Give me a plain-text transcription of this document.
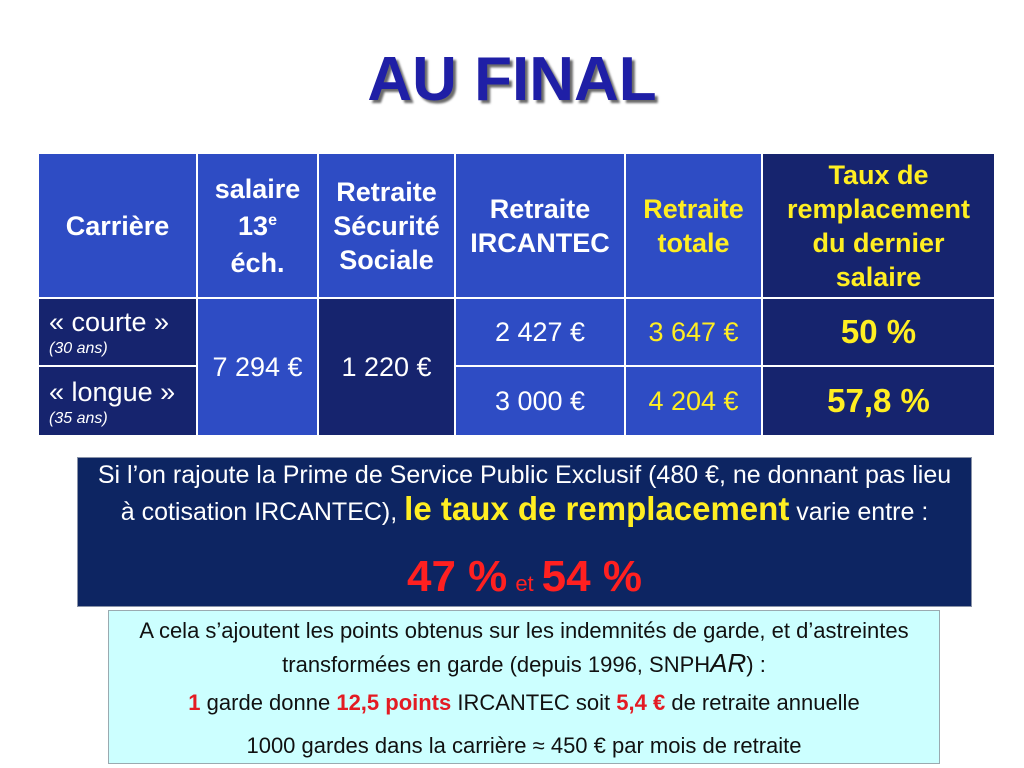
AU FINAL
Carrière
salaire
13e
éch.
Retraite
Sécurité
Sociale
Retraite
IRCANTEC
Retraite
totale
Taux de
remplacement
du dernier
salaire
« courte »
(30 ans)
7 294 € 1 220 €
2 427 € 3 647 €	50 %
« longue »
(35 ans)
3 000 € 4 204 €	57,8 %
Si l’on rajoute la Prime de Service Public Exclusif (480 €, ne donnant pas lieu
à cotisation IRCANTEC), le taux de remplacement varie entre :
47 % et 54 %
A cela s’ajoutent les points obtenus sur les indemnités de garde, et d’astreintes
transformées en garde (depuis 1996, SNPHAR) :
1 garde donne 12,5 points IRCANTEC soit 5,4 € de retraite annuelle
1000 gardes dans la carrière ≈ 450 € par mois de retraite
